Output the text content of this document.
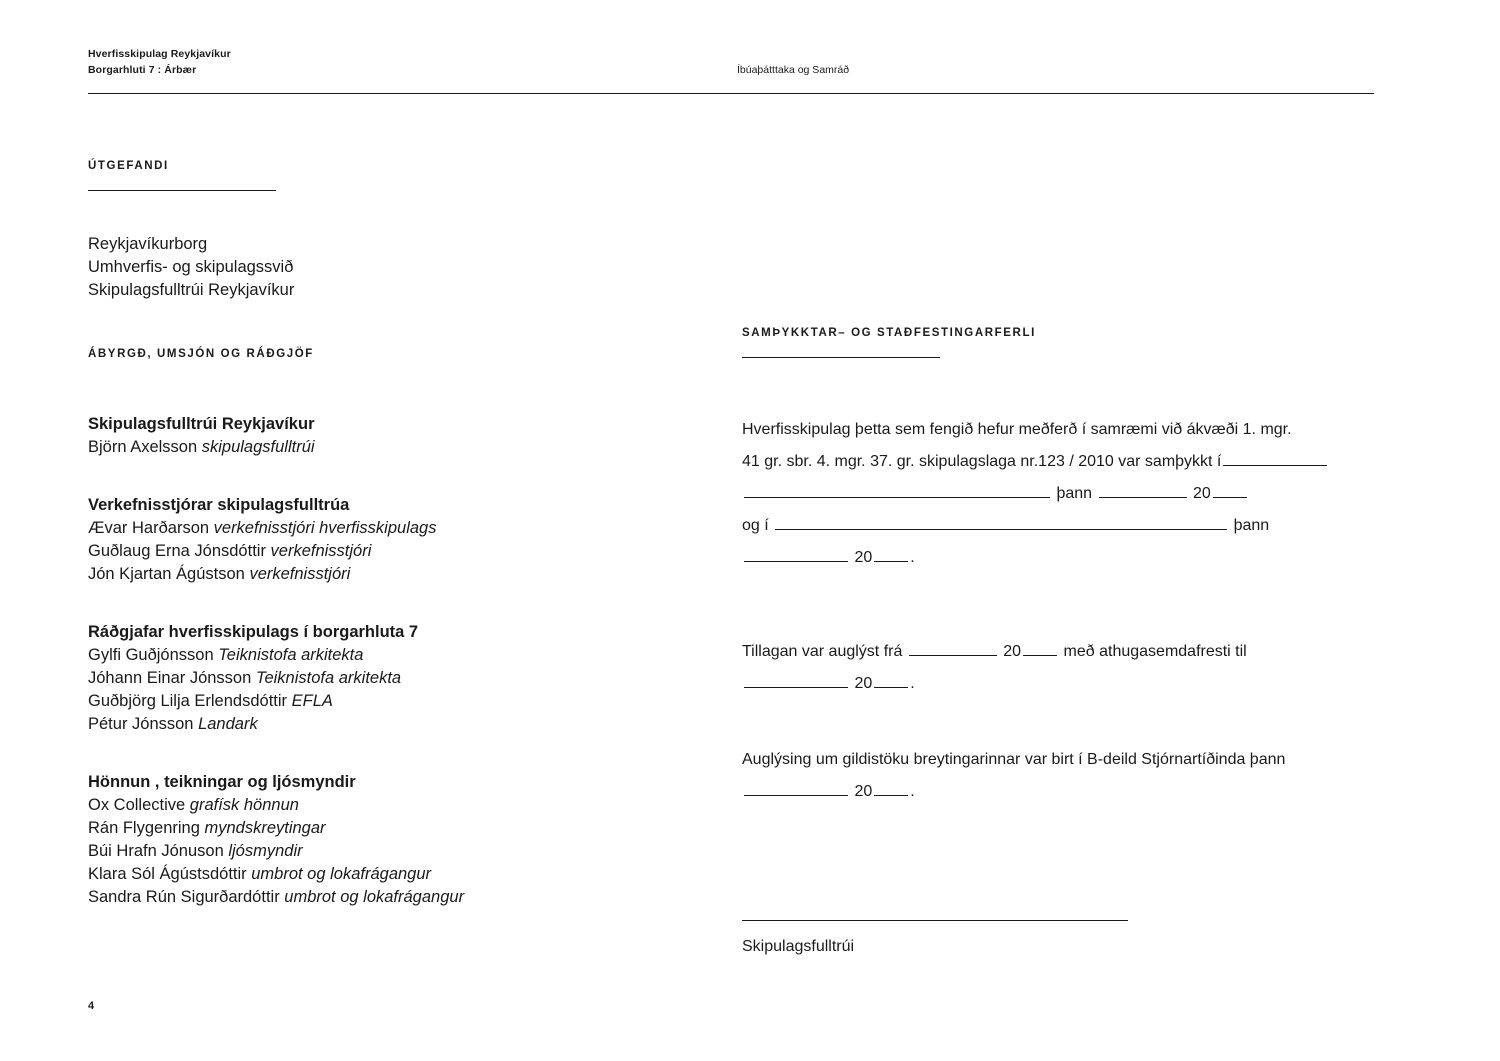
Hverfisskipulag Reykjavíkur
Borgarhluti 7 : Árbær	Íbúaþátttaka og Samráð
ÚTGEFANDI
Reykjavíkurborg
Umhverfis- og skipulagssvið
Skipulagsfulltrúi Reykjavíkur
ÁBYRGÐ, UMSJÓN OG RÁÐGJÖF
Skipulagsfulltrúi Reykjavíkur
Björn Axelsson skipulagsfulltrúi
Verkefnisstjórar skipulagsfulltrúa
Ævar Harðarson verkefnisstjóri hverfisskipulags
Guðlaug Erna Jónsdóttir verkefnisstjóri
Jón Kjartan Ágústson verkefnisstjóri
Ráðgjafar hverfisskipulags í borgarhluta 7
Gylfi Guðjónsson Teiknistofa arkitekta
Jóhann Einar Jónsson Teiknistofa arkitekta
Guðbjörg Lilja Erlendsdóttir EFLA
Pétur Jónsson Landark
Hönnun , teikningar og ljósmyndir
Ox Collective grafísk hönnun
Rán Flygenring myndskreytingar
Búi Hrafn Jónuson ljósmyndir
Klara Sól Ágústsdóttir umbrot og lokafrágangur
Sandra Rún Sigurðardóttir umbrot og lokafrágangur
SAMÞYKKTAR– OG STAÐFESTINGARFERLI
Hverfisskipulag þetta sem fengið hefur meðferð í samræmi við ákvæði 1. mgr.
41 gr. sbr. 4. mgr. 37. gr. skipulagslaga nr.123 / 2010 var samþykkt í
þann	20
og í	þann
20 .
Tillagan var auglýst frá	20	með athugasemdafresti til
20 .
Auglýsing um gildistöku breytingarinnar var birt í B-deild Stjórnartíðinda þann
20 .
Skipulagsfulltrúi
4
